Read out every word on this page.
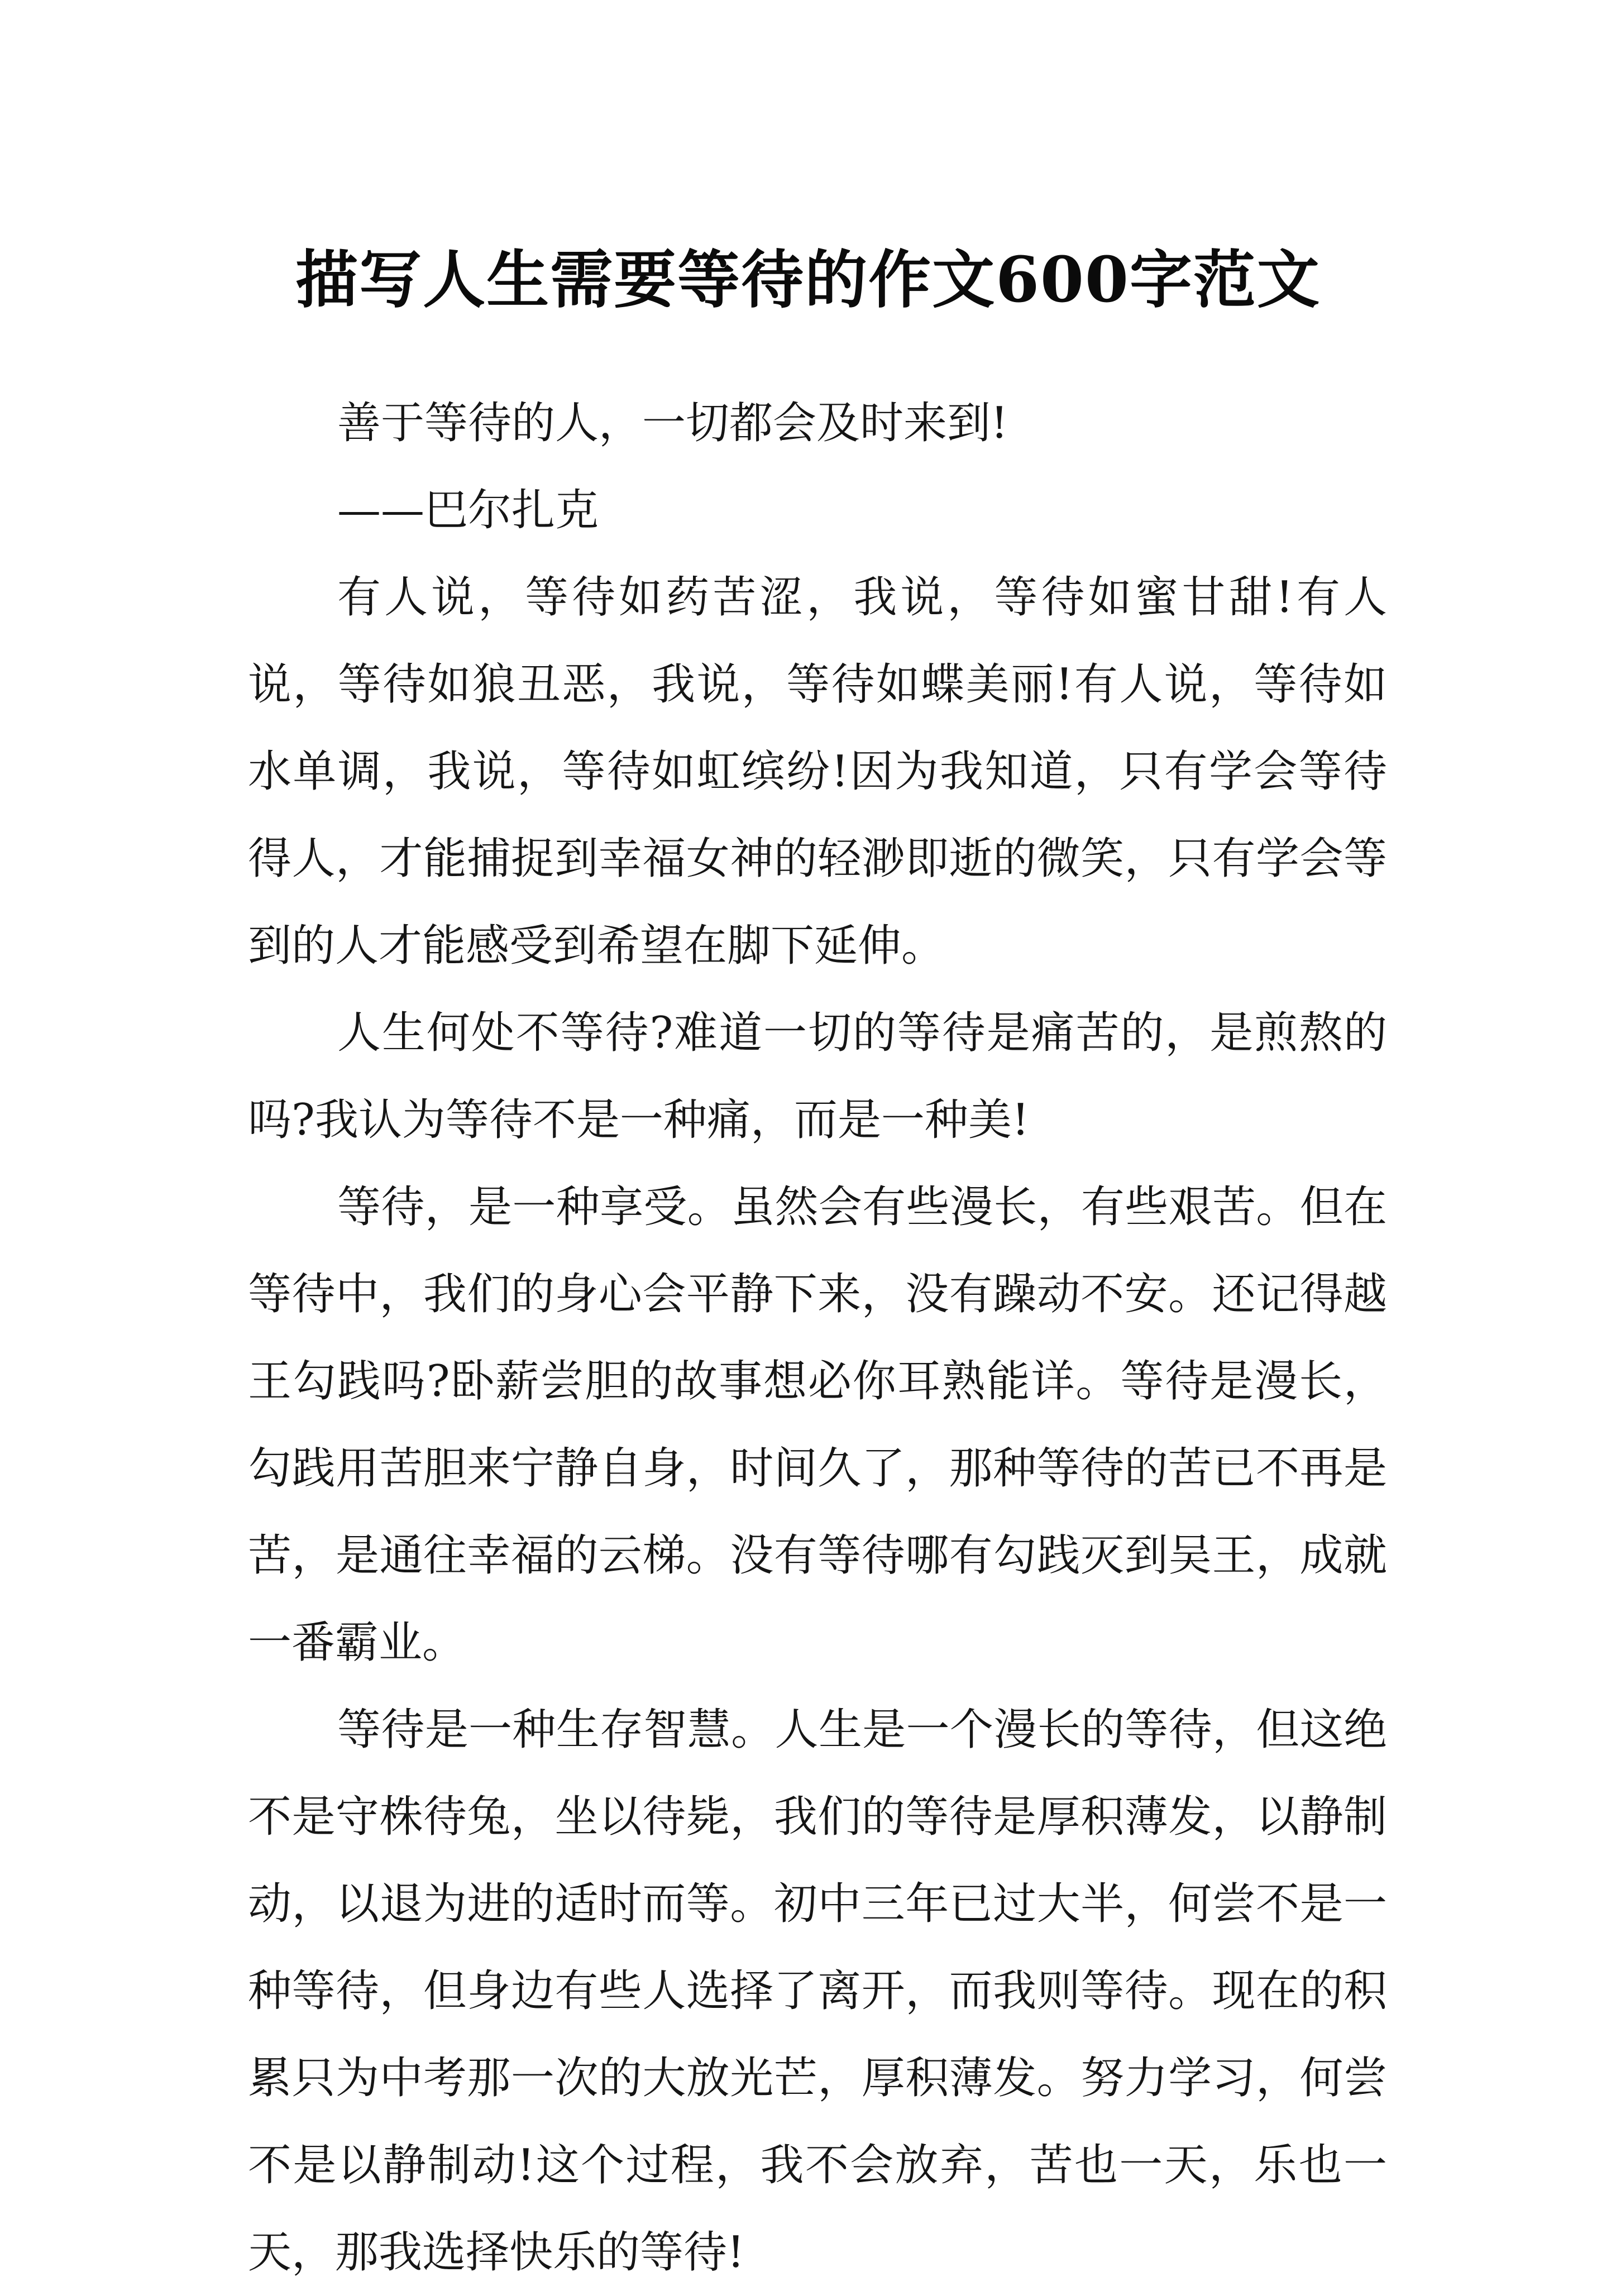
描写人生需要等待的作文600字范文

善于等待的人，一切都会及时来到!

——巴尔扎克

有人说，等待如药苦涩，我说，等待如蜜甘甜!有人说，等待如狼丑恶，我说，等待如蝶美丽!有人说，等待如水单调，我说，等待如虹缤纷!因为我知道，只有学会等待得人，才能捕捉到幸福女神的轻渺即逝的微笑，只有学会等到的人才能感受到希望在脚下延伸。

人生何处不等待?难道一切的等待是痛苦的，是煎熬的吗?我认为等待不是一种痛，而是一种美!

等待，是一种享受。虽然会有些漫长，有些艰苦。但在等待中，我们的身心会平静下来，没有躁动不安。还记得越王勾践吗?卧薪尝胆的故事想必你耳熟能详。等待是漫长，勾践用苦胆来宁静自身，时间久了，那种等待的苦已不再是苦，是通往幸福的云梯。没有等待哪有勾践灭到吴王，成就一番霸业。

等待是一种生存智慧。人生是一个漫长的等待，但这绝不是守株待兔，坐以待毙，我们的等待是厚积薄发，以静制动，以退为进的适时而等。初中三年已过大半，何尝不是一种等待，但身边有些人选择了离开，而我则等待。现在的积累只为中考那一次的大放光芒，厚积薄发。努力学习，何尝不是以静制动!这个过程，我不会放弃，苦也一天，乐也一天，那我选择快乐的等待!
